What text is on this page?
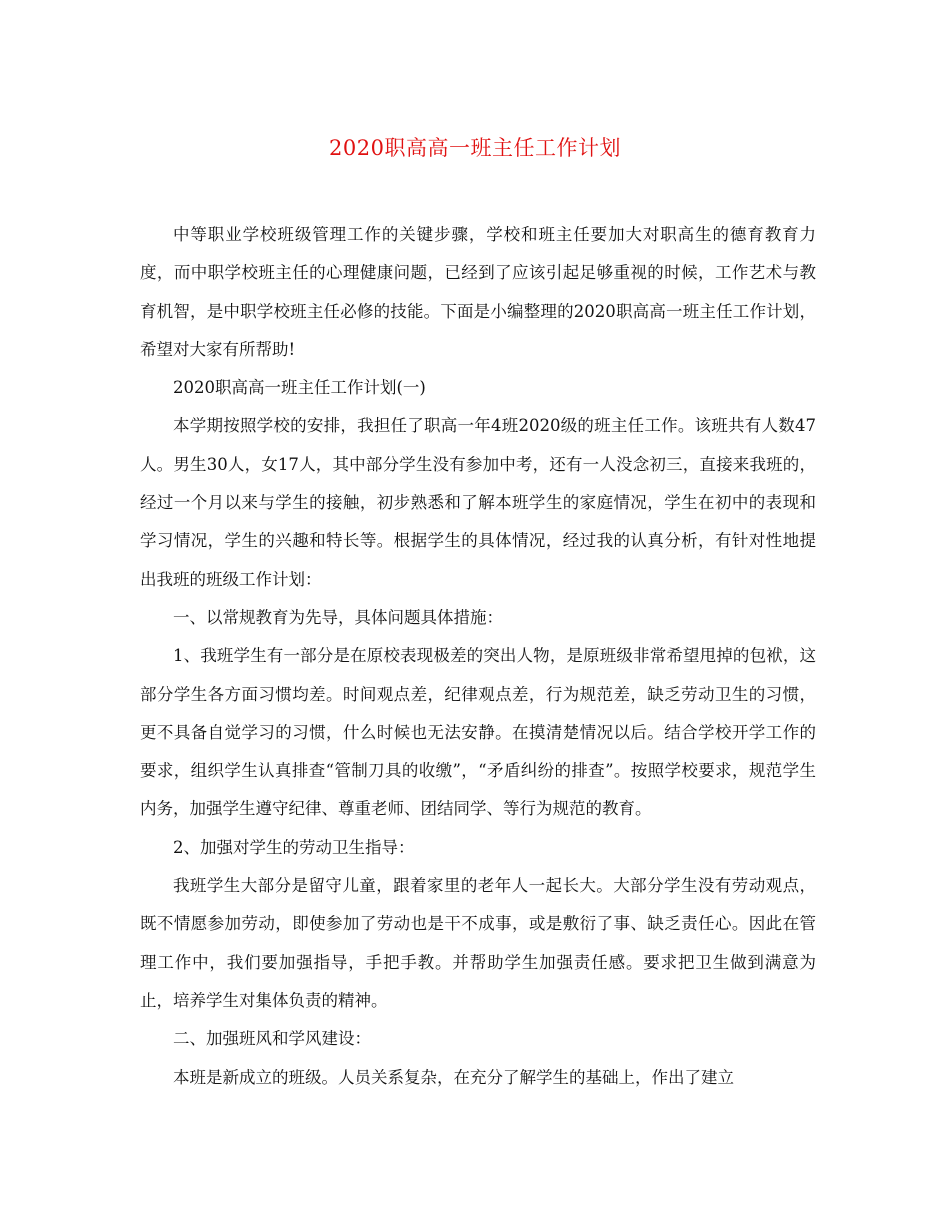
2020职高高一班主任工作计划

中等职业学校班级管理工作的关键步骤，学校和班主任要加大对职高生的德育教育力度，而中职学校班主任的心理健康问题，已经到了应该引起足够重视的时候，工作艺术与教育机智，是中职学校班主任必修的技能。下面是小编整理的2020职高高一班主任工作计划，希望对大家有所帮助!

2020职高高一班主任工作计划(一)

本学期按照学校的安排，我担任了职高一年4班2020级的班主任工作。该班共有人数47人。男生30人，女17人，其中部分学生没有参加中考，还有一人没念初三，直接来我班的，经过一个月以来与学生的接触，初步熟悉和了解本班学生的家庭情况，学生在初中的表现和学习情况，学生的兴趣和特长等。根据学生的具体情况，经过我的认真分析，有针对性地提出我班的班级工作计划：

一、以常规教育为先导，具体问题具体措施：

1、我班学生有一部分是在原校表现极差的突出人物，是原班级非常希望甩掉的包袱，这部分学生各方面习惯均差。时间观点差，纪律观点差，行为规范差，缺乏劳动卫生的习惯，更不具备自觉学习的习惯，什么时候也无法安静。在摸清楚情况以后。结合学校开学工作的要求，组织学生认真排查“管制刀具的收缴”，“矛盾纠纷的排查”。按照学校要求，规范学生内务，加强学生遵守纪律、尊重老师、团结同学、等行为规范的教育。

2、加强对学生的劳动卫生指导：

我班学生大部分是留守儿童，跟着家里的老年人一起长大。大部分学生没有劳动观点，既不情愿参加劳动，即使参加了劳动也是干不成事，或是敷衍了事、缺乏责任心。因此在管理工作中，我们要加强指导，手把手教。并帮助学生加强责任感。要求把卫生做到满意为止，培养学生对集体负责的精神。

二、加强班风和学风建设：

本班是新成立的班级。人员关系复杂，在充分了解学生的基础上，作出了建立
